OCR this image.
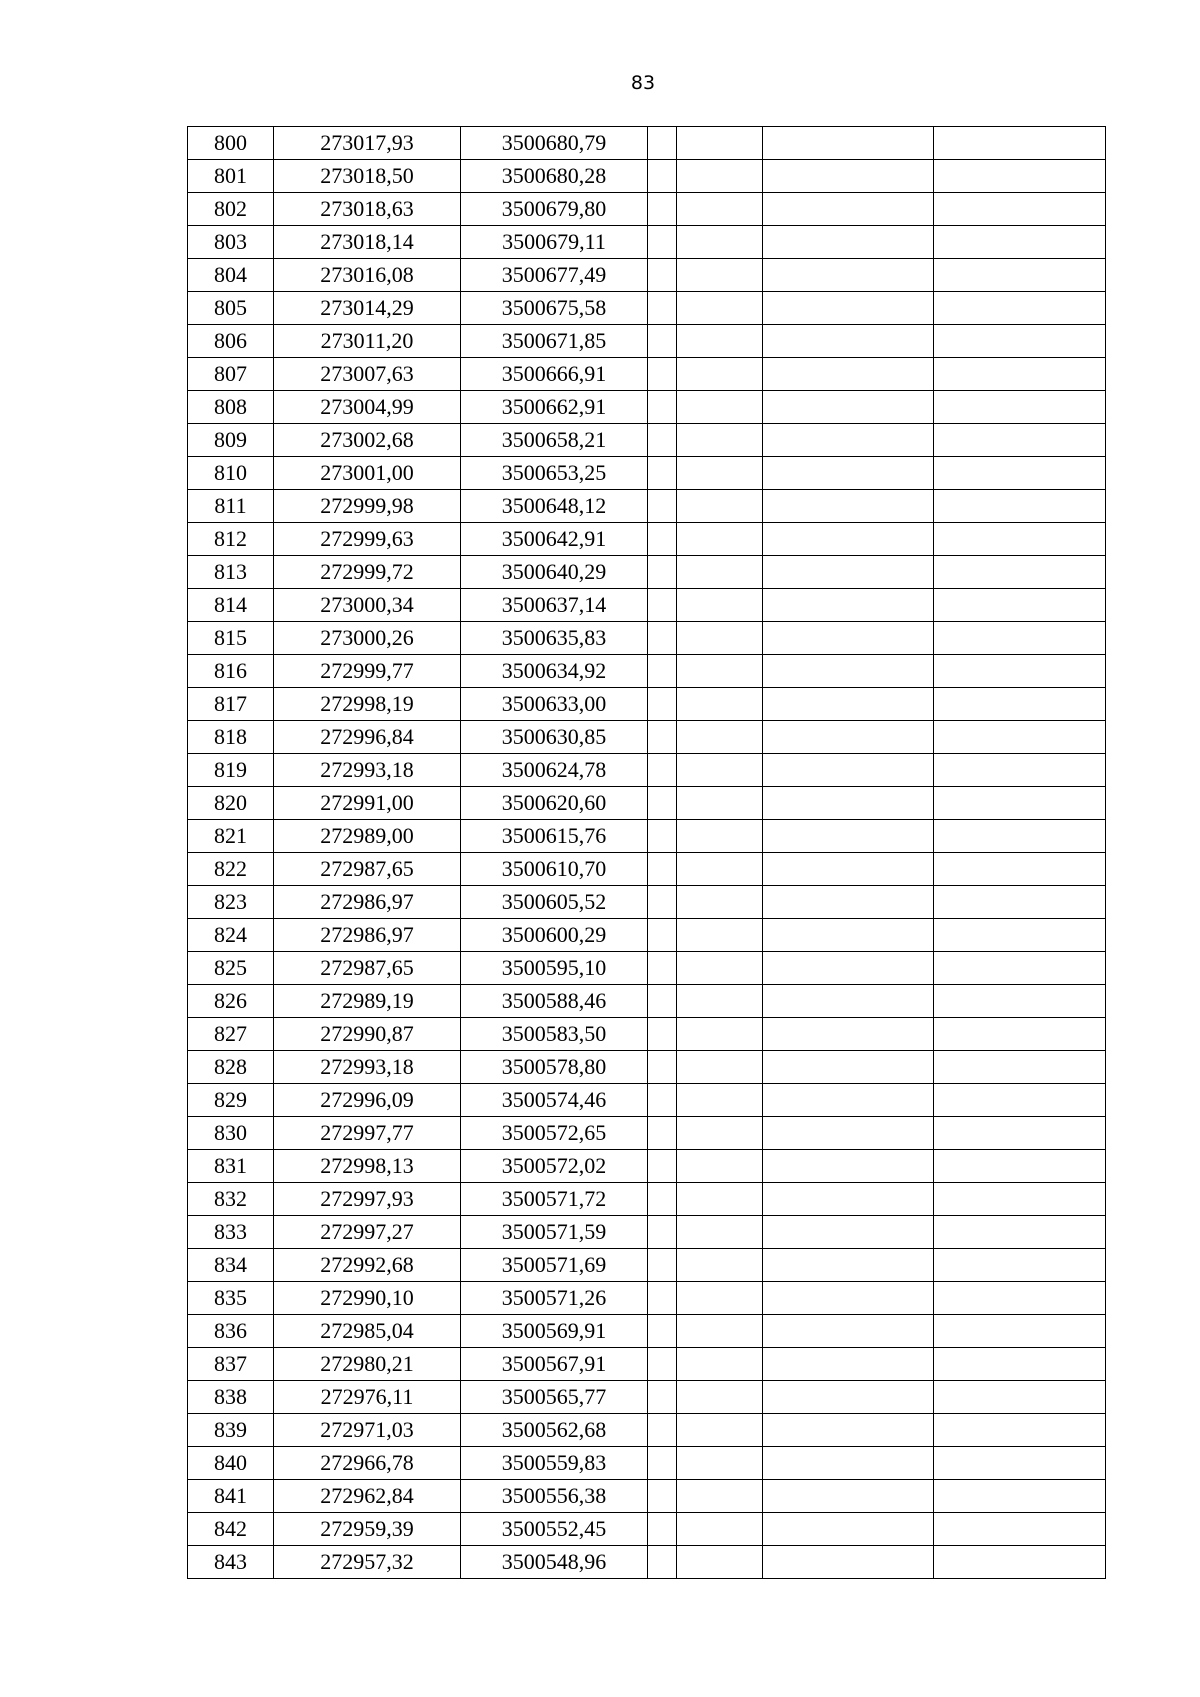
83
800	273017,93	3500680,79				
801	273018,50	3500680,28				
802	273018,63	3500679,80				
803	273018,14	3500679,11				
804	273016,08	3500677,49				
805	273014,29	3500675,58				
806	273011,20	3500671,85				
807	273007,63	3500666,91				
808	273004,99	3500662,91				
809	273002,68	3500658,21				
810	273001,00	3500653,25				
811	272999,98	3500648,12				
812	272999,63	3500642,91				
813	272999,72	3500640,29				
814	273000,34	3500637,14				
815	273000,26	3500635,83				
816	272999,77	3500634,92				
817	272998,19	3500633,00				
818	272996,84	3500630,85				
819	272993,18	3500624,78				
820	272991,00	3500620,60				
821	272989,00	3500615,76				
822	272987,65	3500610,70				
823	272986,97	3500605,52				
824	272986,97	3500600,29				
825	272987,65	3500595,10				
826	272989,19	3500588,46				
827	272990,87	3500583,50				
828	272993,18	3500578,80				
829	272996,09	3500574,46				
830	272997,77	3500572,65				
831	272998,13	3500572,02				
832	272997,93	3500571,72				
833	272997,27	3500571,59				
834	272992,68	3500571,69				
835	272990,10	3500571,26				
836	272985,04	3500569,91				
837	272980,21	3500567,91				
838	272976,11	3500565,77				
839	272971,03	3500562,68				
840	272966,78	3500559,83				
841	272962,84	3500556,38				
842	272959,39	3500552,45				
843	272957,32	3500548,96				
